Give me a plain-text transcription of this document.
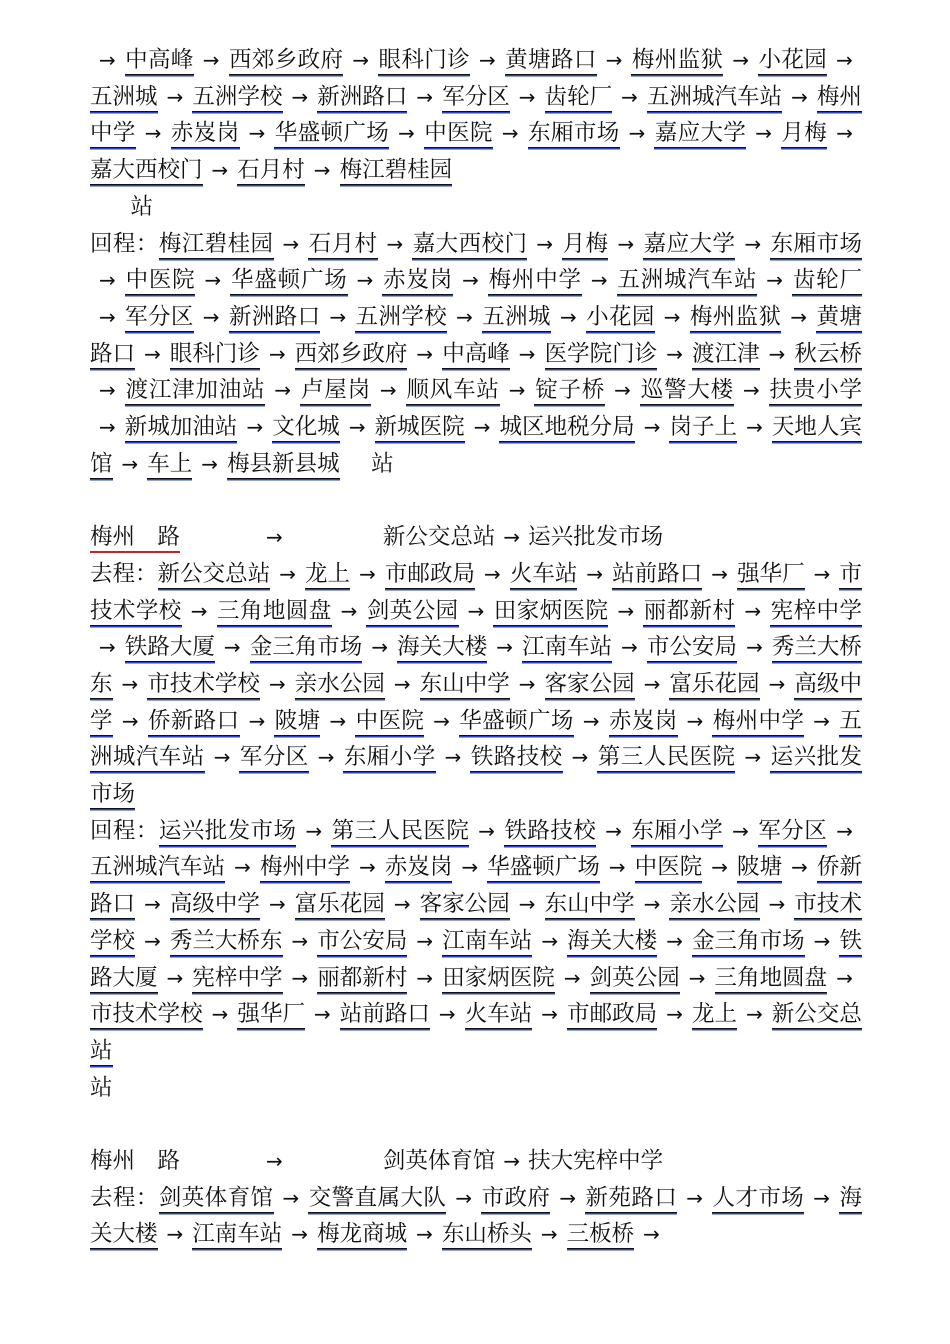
→ 中高峰 → 西郊乡政府 → 眼科门诊 → 黄塘路口 → 梅州监狱 → 小花园 →五洲城 → 五洲学校 → 新洲路口 → 军分区 → 齿轮厂 → 五洲城汽车站 → 梅州中学 → 赤岌岗 → 华盛顿广场 → 中医院 → 东厢市场 → 嘉应大学 → 月梅 →嘉大西校门 → 石月村 → 梅江碧桂园
站

回程：梅江碧桂园 → 石月村 → 嘉大西校门 → 月梅 → 嘉应大学 → 东厢市场→ 中医院 → 华盛顿广场 → 赤岌岗 → 梅州中学 → 五洲城汽车站 → 齿轮厂→ 军分区 → 新洲路口 → 五洲学校 → 五洲城 → 小花园 → 梅州监狱 → 黄塘路口 → 眼科门诊 → 西郊乡政府 → 中高峰 → 医学院门诊 → 渡江津 → 秋云桥→ 渡江津加油站 → 卢屋岗 → 顺风车站 → 锭子桥 → 巡警大楼 → 扶贵小学→ 新城加油站 → 文化城 → 新城医院 → 城区地税分局 → 岗子上 → 天地人宾馆 → 车上 → 梅县新县城 站

梅州　 路	→	新公交总站 → 运兴批发市场

去程：新公交总站 → 龙上 → 市邮政局 → 火车站 → 站前路口 → 强华厂 → 市技术学校 → 三角地圆盘 → 剑英公园 → 田家炳医院 → 丽都新村 → 宪梓中学→ 铁路大厦 → 金三角市场 → 海关大楼 → 江南车站 → 市公安局 → 秀兰大桥东 → 市技术学校 → 亲水公园 → 东山中学 → 客家公园 → 富乐花园 → 高级中学 → 侨新路口 → 陂塘 → 中医院 → 华盛顿广场 → 赤岌岗 → 梅州中学 → 五洲城汽车站 → 军分区 → 东厢小学 → 铁路技校 → 第三人民医院 → 运兴批发市场

回程：运兴批发市场 → 第三人民医院 → 铁路技校 → 东厢小学 → 军分区 →五洲城汽车站 → 梅州中学 → 赤岌岗 → 华盛顿广场 → 中医院 → 陂塘 → 侨新路口 → 高级中学 → 富乐花园 → 客家公园 → 东山中学 → 亲水公园 → 市技术学校 → 秀兰大桥东 → 市公安局 → 江南车站 → 海关大楼 → 金三角市场 → 铁路大厦 → 宪梓中学 → 丽都新村 → 田家炳医院 → 剑英公园 → 三角地圆盘 →市技术学校 → 强华厂 → 站前路口 → 火车站 → 市邮政局 → 龙上 → 新公交总站
站

梅州　 路	→	剑英体育馆 → 扶大宪梓中学

去程：剑英体育馆 → 交警直属大队 → 市政府 → 新苑路口 → 人才市场 → 海关大楼 → 江南车站 → 梅龙商城 → 东山桥头 → 三板桥 →
